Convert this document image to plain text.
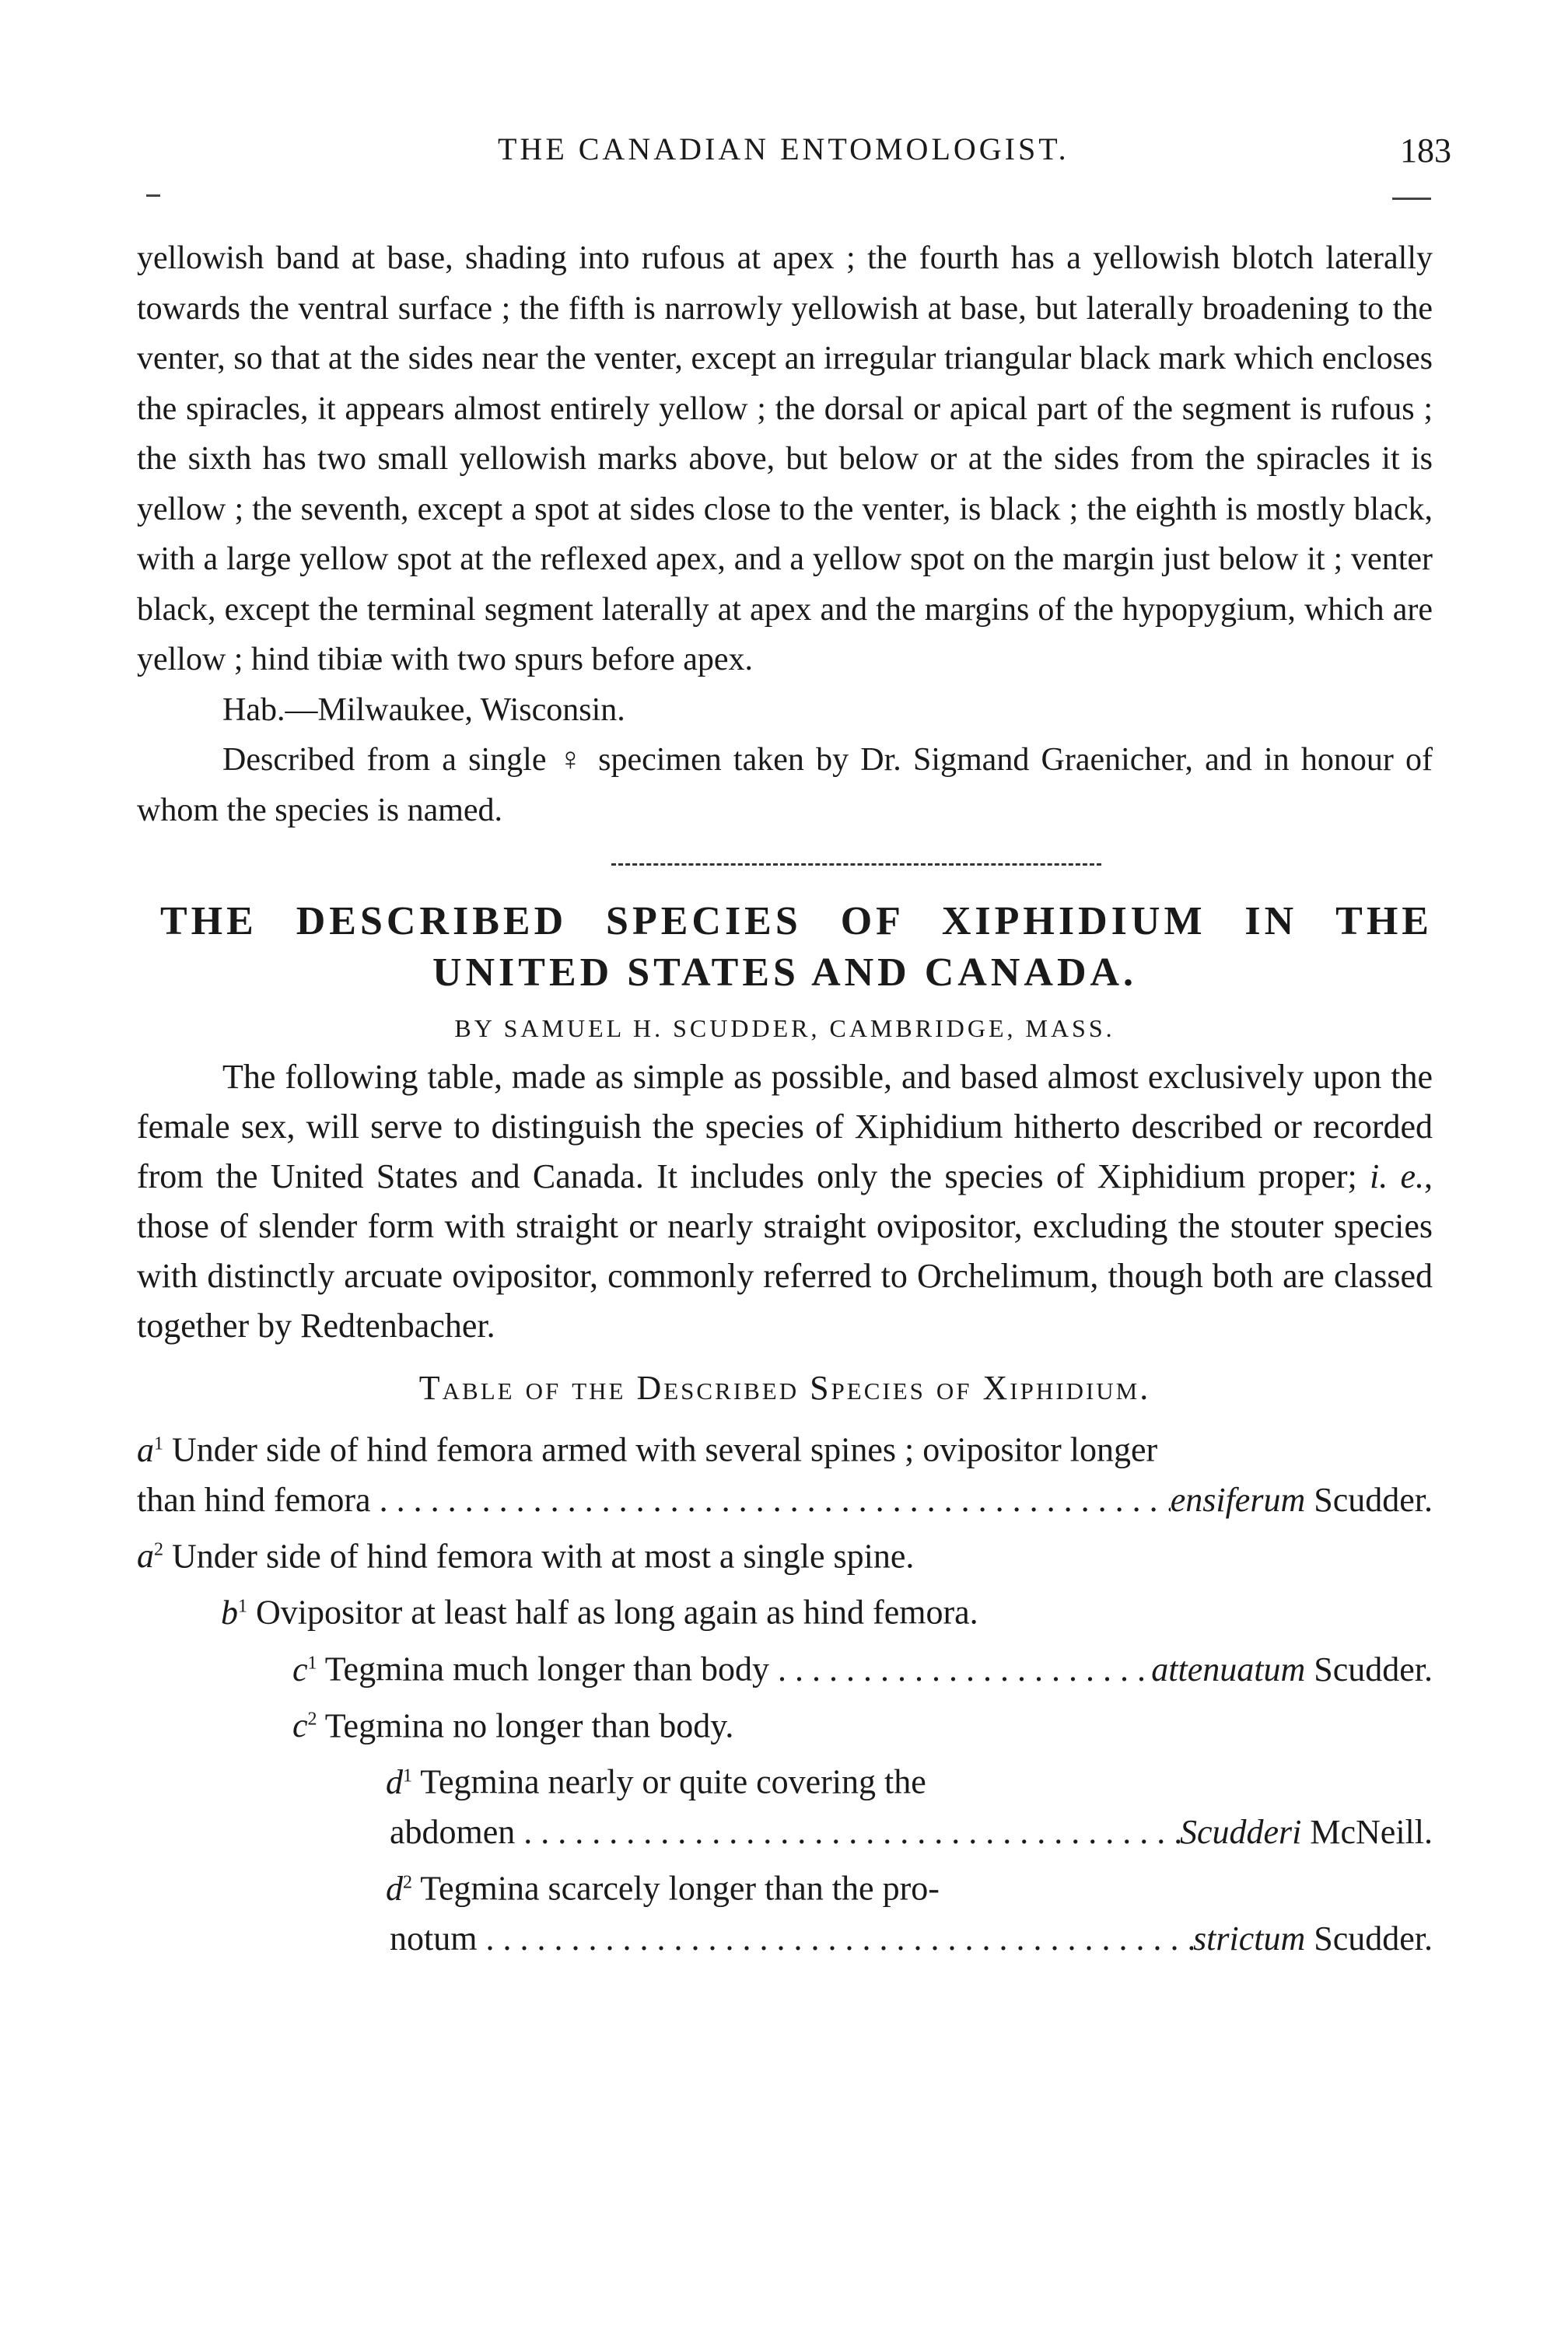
THE CANADIAN ENTOMOLOGIST.	183

yellowish band at base, shading into rufous at apex ; the fourth has a yellowish blotch laterally towards the ventral surface ; the fifth is narrowly yellowish at base, but laterally broadening to the venter, so that at the sides near the venter, except an irregular triangular black mark which encloses the spiracles, it appears almost entirely yellow ; the dorsal or apical part of the segment is rufous ; the sixth has two small yellowish marks above, but below or at the sides from the spiracles it is yellow ; the seventh, except a spot at sides close to the venter, is black ; the eighth is mostly black, with a large yellow spot at the reflexed apex, and a yellow spot on the margin just below it ; venter black, except the terminal segment laterally at apex and the margins of the hypopygium, which are yellow ; hind tibiæ with two spurs before apex.

Hab.—Milwaukee, Wisconsin.

Described from a single ♀ specimen taken by Dr. Sigmand Graenicher, and in honour of whom the species is named.

THE DESCRIBED SPECIES OF XIPHIDIUM IN THE
UNITED STATES AND CANADA.
BY SAMUEL H. SCUDDER, CAMBRIDGE, MASS.

The following table, made as simple as possible, and based almost exclusively upon the female sex, will serve to distinguish the species of Xiphidium hitherto described or recorded from the United States and Canada. It includes only the species of Xiphidium proper; i. e., those of slender form with straight or nearly straight ovipositor, excluding the stouter species with distinctly arcuate ovipositor, commonly referred to Orchelimum, though both are classed together by Redtenbacher.

Table of the Described Species of Xiphidium.
$a^1$ Under side of hind femora armed with several spines ; ovipositor longer
than hind femora . . .	ensiferum Scudder.
$a^2$ Under side of hind femora with at most a single spine.
$b^1$ Ovipositor at least half as long again as hind femora.
$c^1$ Tegmina much longer than body . . .	attenuatum Scudder.
$c^2$ Tegmina no longer than body.
$d^1$ Tegmina nearly or quite covering the
abdomen . . .	Scudderi McNeill.
$d^2$ Tegmina scarcely longer than the pro-
notum . . .	strictum Scudder.
